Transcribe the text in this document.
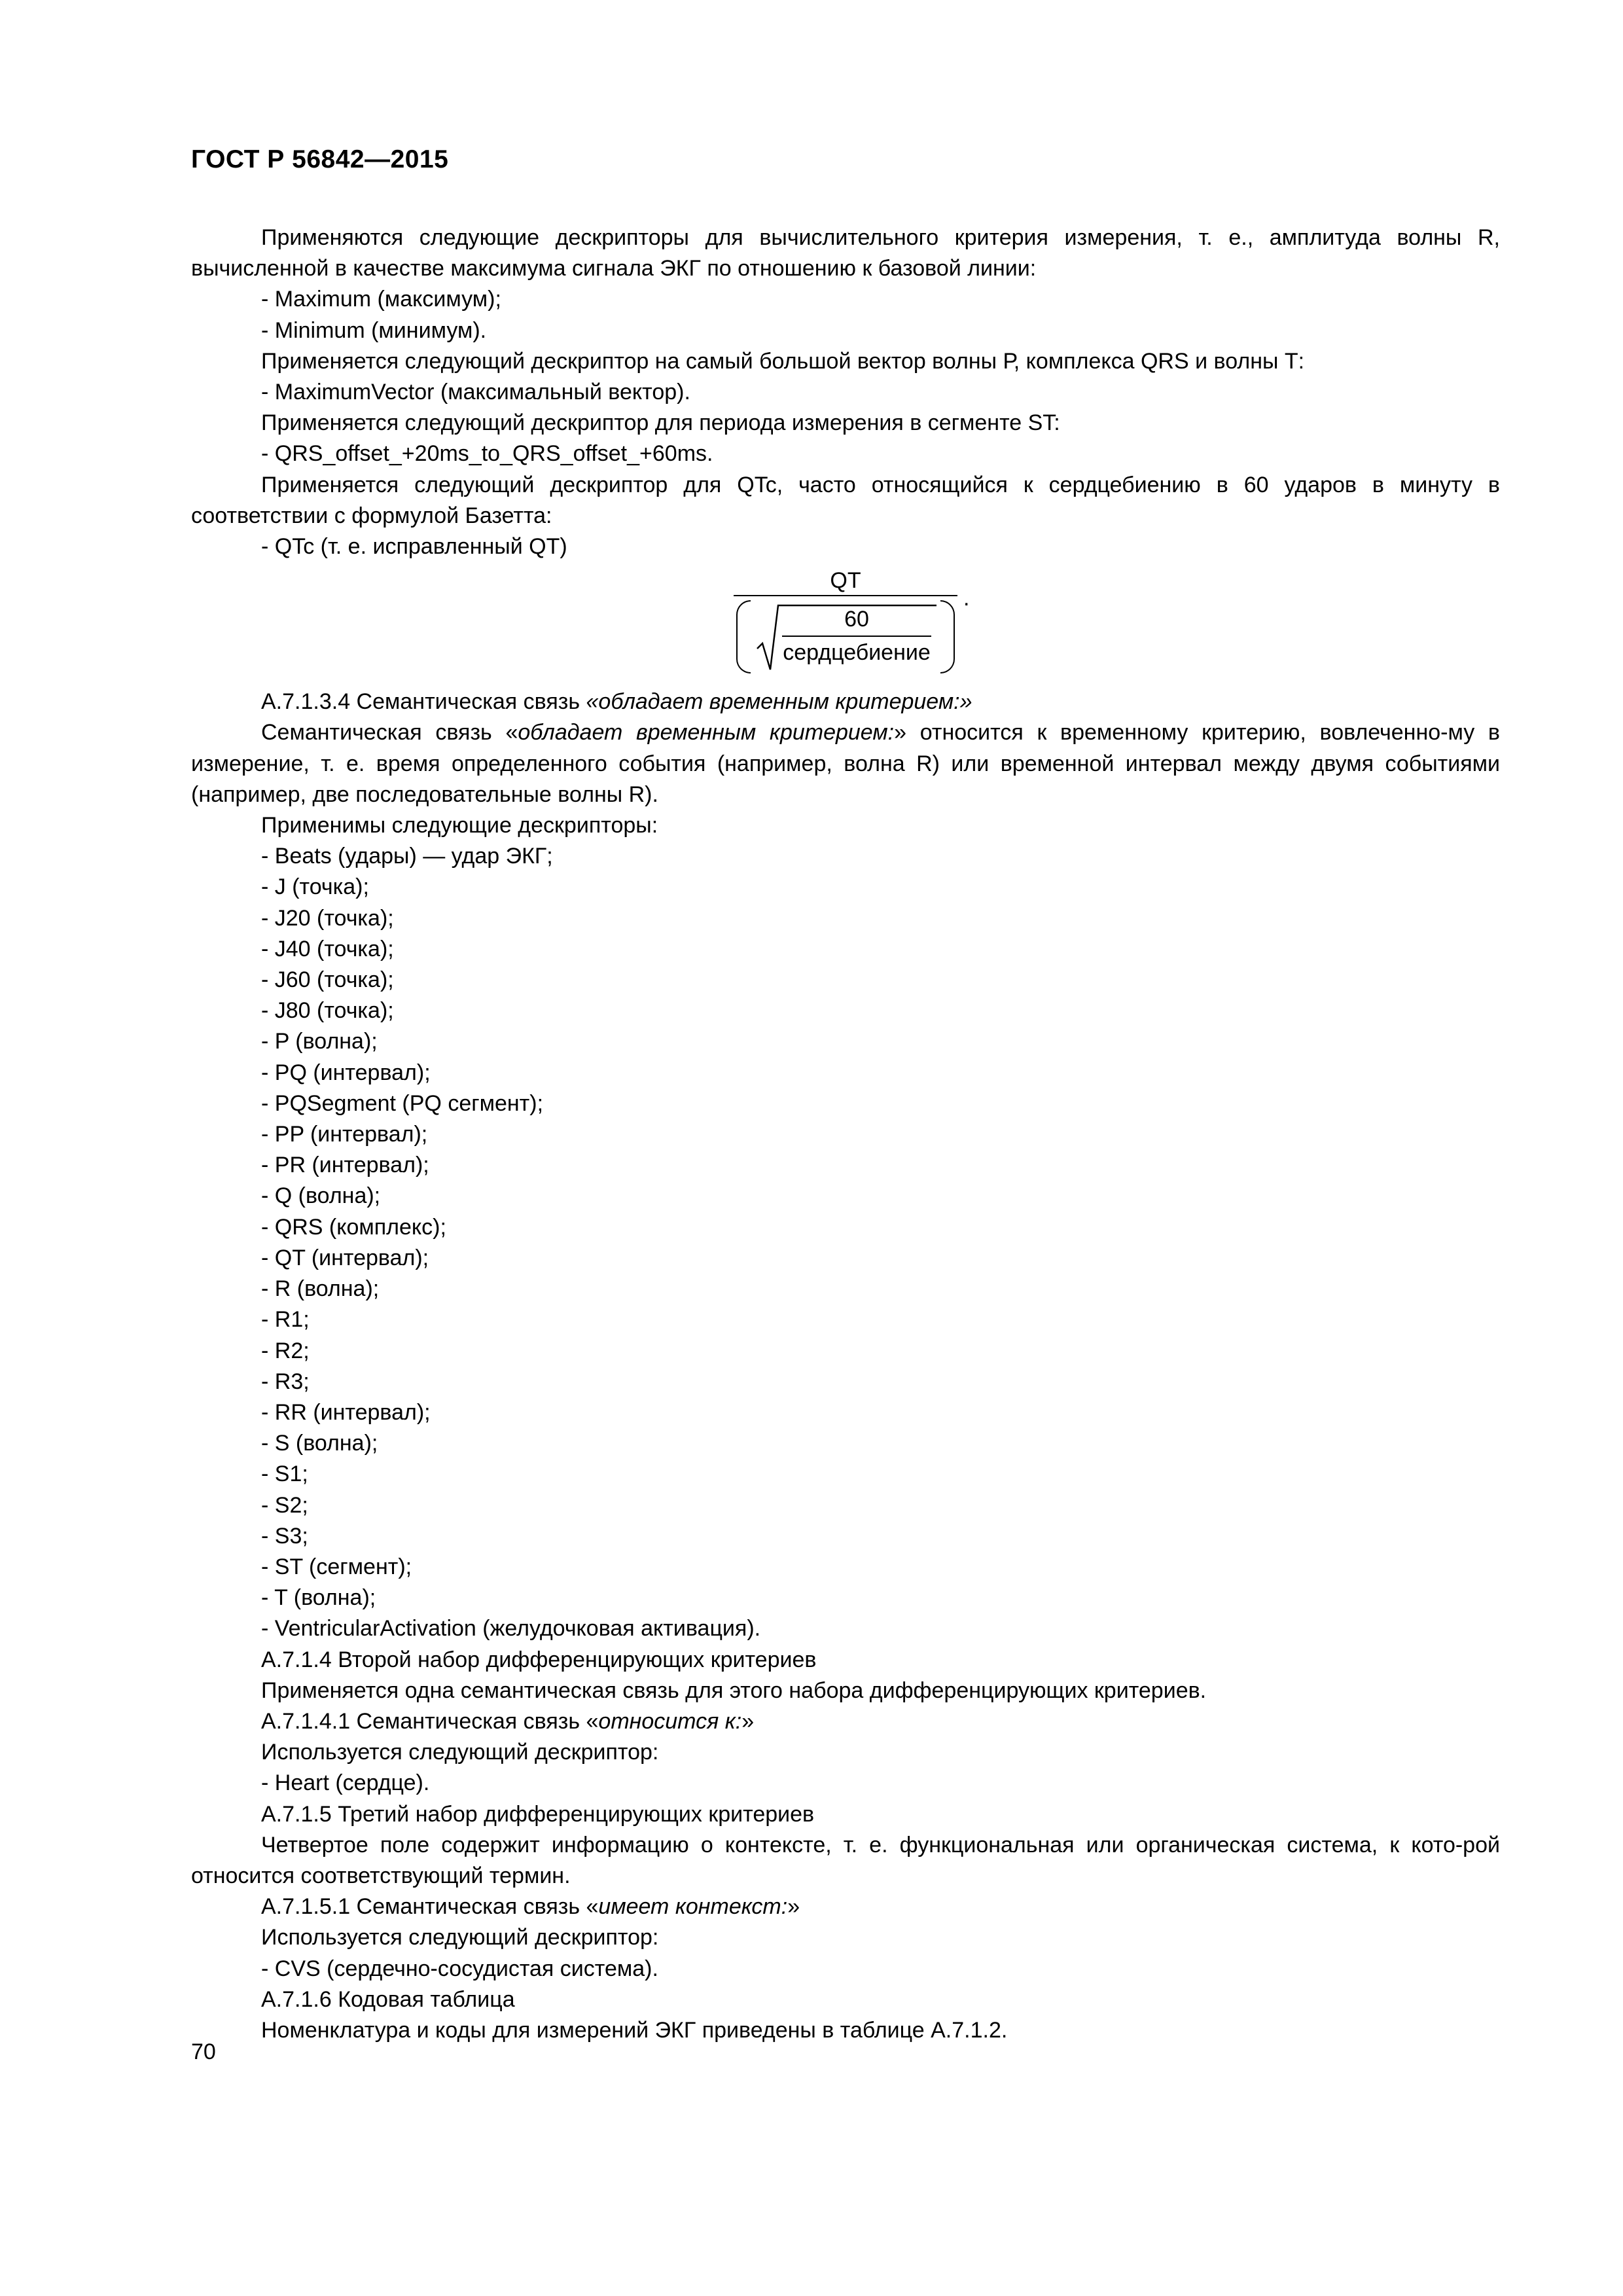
ГОСТ Р 56842—2015

Применяются следующие дескрипторы для вычислительного критерия измерения, т. е., амплитуда волны R, вычисленной в качестве максимума сигнала ЭКГ по отношению к базовой линии:

- Maximum (максимум);

- Minimum (минимум).

Применяется следующий дескриптор на самый большой вектор волны Р, комплекса QRS и волны Т:

- MaximumVector (максимальный вектор).

Применяется следующий дескриптор для периода измерения в сегменте ST:

- QRS_offset_+20ms_to_QRS_offset_+60ms.

Применяется следующий дескриптор для QTc, часто относящийся к сердцебиению в 60 ударов в минуту в соответствии с формулой Базетта:

- QTc (т. е. исправленный QT)

QT
60
сердцебиение
.

А.7.1.3.4 Семантическая связь «обладает временным критерием:»

Семантическая связь «обладает временным критерием:» относится к временному критерию, вовлеченно-му в измерение, т. е. время определенного события (например, волна R) или временной интервал между двумя событиями (например, две последовательные волны R).

Применимы следующие дескрипторы:

- Beats (удары) — удар ЭКГ;

- J (точка);

- J20 (точка);

- J40 (точка);

- J60 (точка);

- J80 (точка);

- P (волна);

- PQ (интервал);

- PQSegment (PQ сегмент);

- PP (интервал);

- PR (интервал);

- Q (волна);

- QRS (комплекс);

- QT (интервал);

- R (волна);

- R1;

- R2;

- R3;

- RR (интервал);

- S (волна);

- S1;

- S2;

- S3;

- ST (сегмент);

- T (волна);

- VentricularActivation (желудочковая активация).

А.7.1.4 Второй набор дифференцирующих критериев

Применяется одна семантическая связь для этого набора дифференцирующих критериев.

А.7.1.4.1 Семантическая связь «относится к:»

Используется следующий дескриптор:

- Heart (сердце).

А.7.1.5 Третий набор дифференцирующих критериев

Четвертое поле содержит информацию о контексте, т. е. функциональная или органическая система, к кото-рой относится соответствующий термин.

А.7.1.5.1 Семантическая связь «имеет контекст:»

Используется следующий дескриптор:

- CVS (сердечно-сосудистая система).

А.7.1.6 Кодовая таблица

Номенклатура и коды для измерений ЭКГ приведены в таблице А.7.1.2.

70
